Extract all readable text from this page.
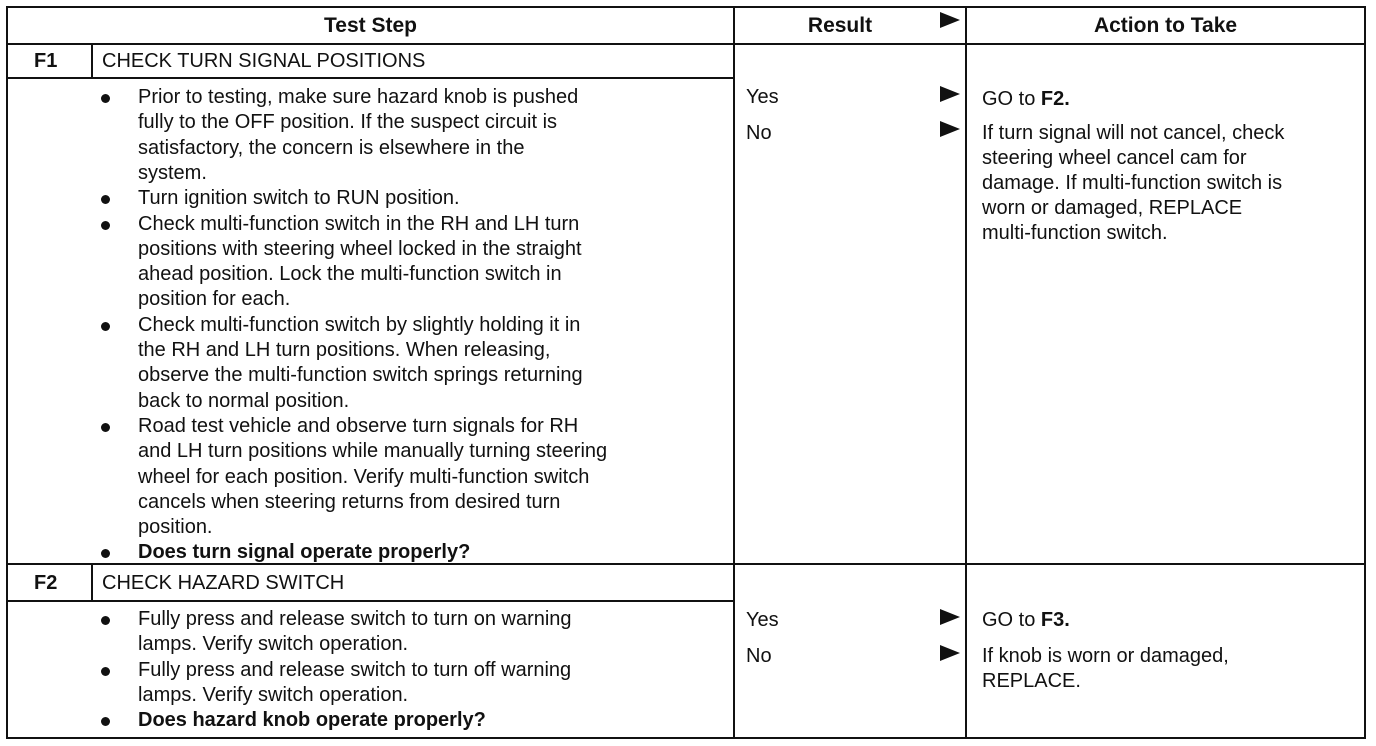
Test Step	Result	Action to Take
F1 CHECK TURN SIGNAL POSITIONS
Prior to testing, make sure hazard knob is pushed
fully to the OFF position. If the suspect circuit is
satisfactory, the concern is elsewhere in the
system.
Turn ignition switch to RUN position.
Check multi-function switch in the RH and LH turn
positions with steering wheel locked in the straight
ahead position. Lock the multi-function switch in
position for each.
Check multi-function switch by slightly holding it in
the RH and LH turn positions. When releasing,
observe the multi-function switch springs returning
back to normal position.
Road test vehicle and observe turn signals for RH
and LH turn positions while manually turning steering
wheel for each position. Verify multi-function switch
cancels when steering returns from desired turn
position.
Does turn signal operate properly?
Yes	GO to F2.
No	If turn signal will not cancel, check
steering wheel cancel cam for
damage. If multi-function switch is
worn or damaged, REPLACE
multi-function switch.
F2 CHECK HAZARD SWITCH
Fully press and release switch to turn on warning
lamps. Verify switch operation.
Fully press and release switch to turn off warning
lamps. Verify switch operation.
Does hazard knob operate properly?
Yes	GO to F3.
No	If knob is worn or damaged,
REPLACE.
